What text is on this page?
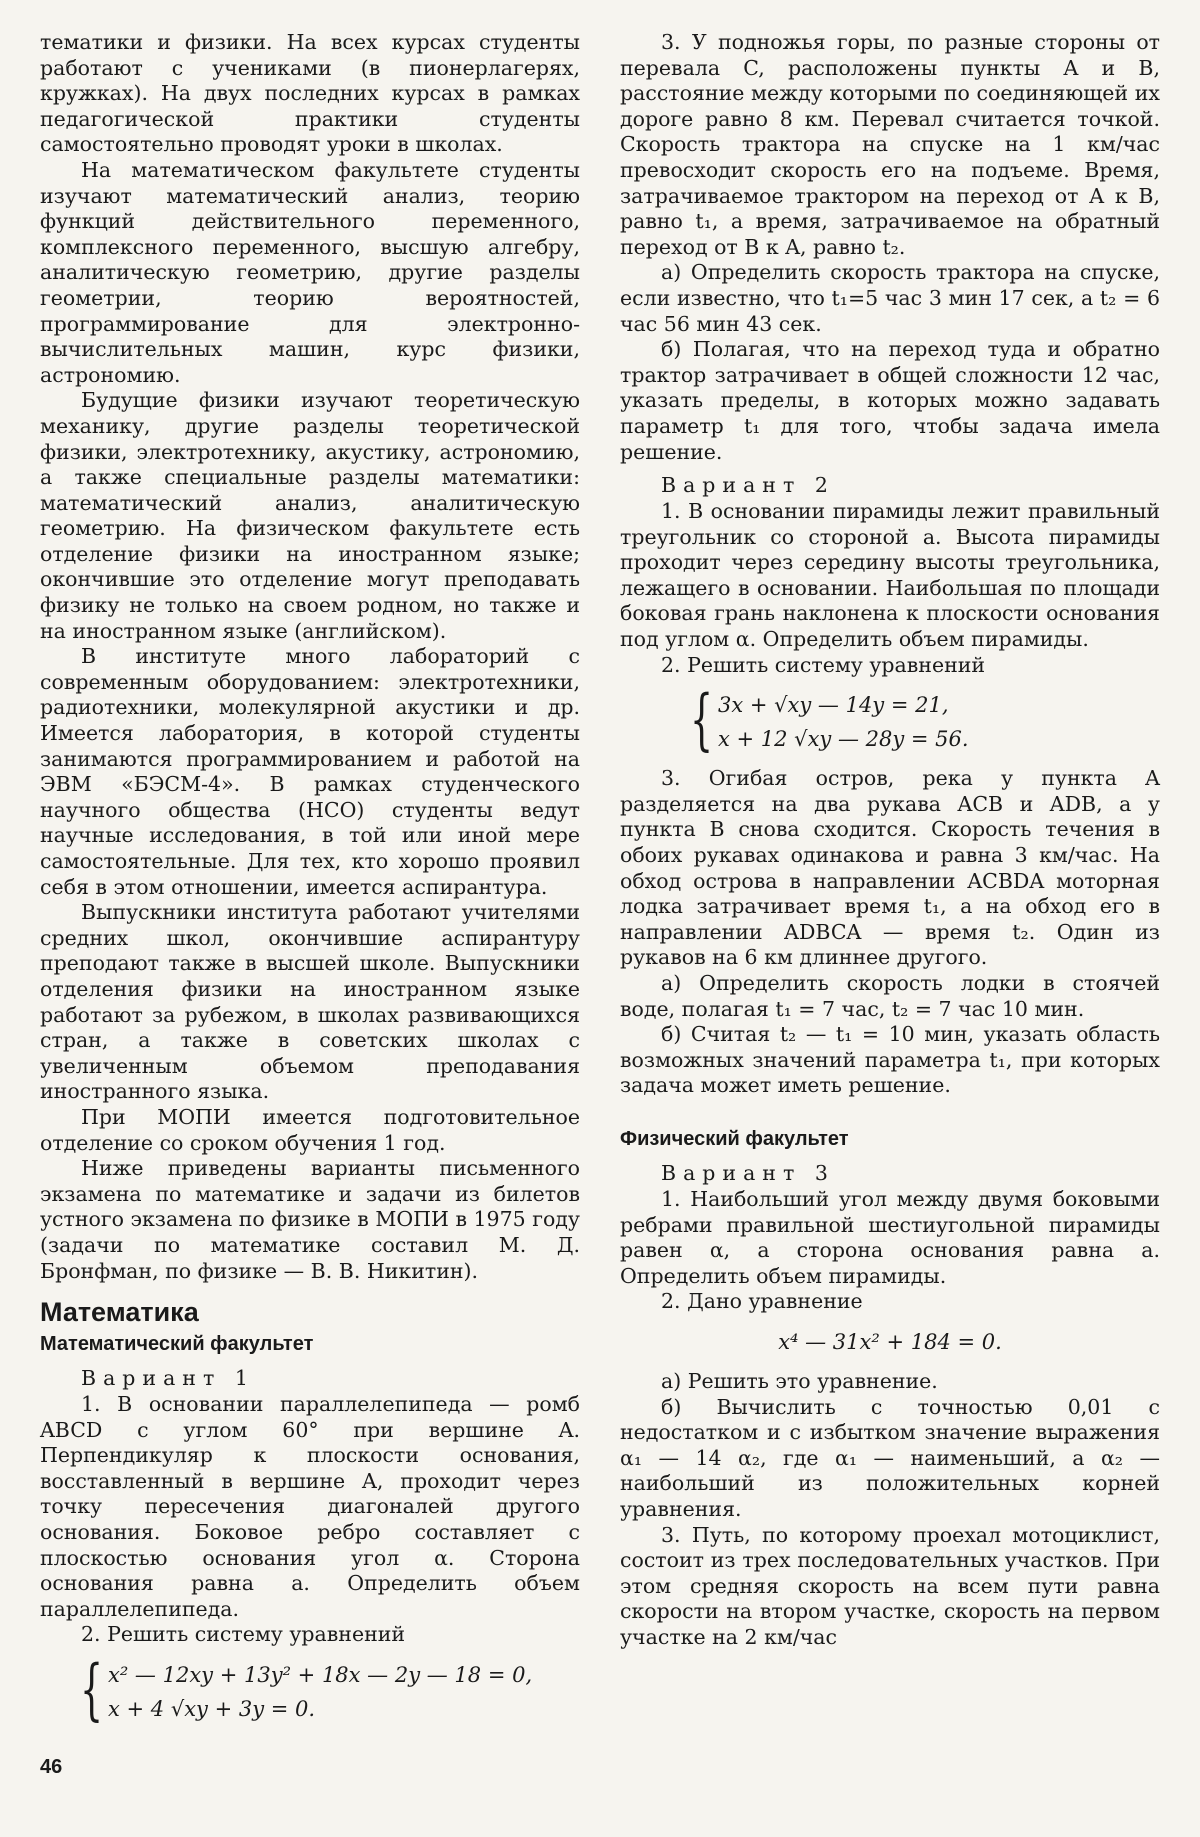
тематики и физики. На всех курсах студенты работают с учениками (в пионерлагерях, кружках). На двух последних курсах в рамках педагогической практики студенты самостоятельно проводят уроки в школах.

На математическом факультете студенты изучают математический анализ, теорию функций действительного переменного, комплексного переменного, высшую алгебру, аналитическую геометрию, другие разделы геометрии, теорию вероятностей, программирование для электронно-вычислительных машин, курс физики, астрономию.

Будущие физики изучают теоретическую механику, другие разделы теоретической физики, электротехнику, акустику, астрономию, а также специальные разделы математики: математический анализ, аналитическую геометрию. На физическом факультете есть отделение физики на иностранном языке; окончившие это отделение могут преподавать физику не только на своем родном, но также и на иностранном языке (английском).

В институте много лабораторий с современным оборудованием: электротехники, радиотехники, молекулярной акустики и др. Имеется лаборатория, в которой студенты занимаются программированием и работой на ЭВМ «БЭСМ-4». В рамках студенческого научного общества (НСО) студенты ведут научные исследования, в той или иной мере самостоятельные. Для тех, кто хорошо проявил себя в этом отношении, имеется аспирантура.

Выпускники института работают учителями средних школ, окончившие аспирантуру преподают также в высшей школе. Выпускники отделения физики на иностранном языке работают за рубежом, в школах развивающихся стран, а также в советских школах с увеличенным объемом преподавания иностранного языка.

При МОПИ имеется подготовительное отделение со сроком обучения 1 год.

Ниже приведены варианты письменного экзамена по математике и задачи из билетов устного экзамена по физике в МОПИ в 1975 году (задачи по математике составил М. Д. Бронфман, по физике — В. В. Никитин).

Математика
Математический факультет
Вариант 1

1. В основании параллелепипеда — ромб ABCD с углом 60° при вершине A. Перпендикуляр к плоскости основания, восставленный в вершине A, проходит через точку пересечения диагоналей другого основания. Боковое ребро составляет с плоскостью основания угол α. Сторона основания равна a. Определить объем параллелепипеда.

2. Решить систему уравнений

{ x² — 12xy + 13y² + 18x — 2y — 18 = 0,
x + 4 √xy + 3y = 0.

3. У подножья горы, по разные стороны от перевала C, расположены пункты A и B, расстояние между которыми по соединяющей их дороге равно 8 км. Перевал считается точкой. Скорость трактора на спуске на 1 км/час превосходит скорость его на подъеме. Время, затрачиваемое трактором на переход от A к B, равно t₁, а время, затрачиваемое на обратный переход от B к A, равно t₂.

а) Определить скорость трактора на спуске, если известно, что t₁=5 час 3 мин 17 сек, а t₂ = 6 час 56 мин 43 сек.

б) Полагая, что на переход туда и обратно трактор затрачивает в общей сложности 12 час, указать пределы, в которых можно задавать параметр t₁ для того, чтобы задача имела решение.

Вариант 2

1. В основании пирамиды лежит правильный треугольник со стороной a. Высота пирамиды проходит через середину высоты треугольника, лежащего в основании. Наибольшая по площади боковая грань наклонена к плоскости основания под углом α. Определить объем пирамиды.

2. Решить систему уравнений

{ 3x + √xy — 14y = 21,
x + 12 √xy — 28y = 56.

3. Огибая остров, река у пункта A разделяется на два рукава ACB и ADB, а у пункта B снова сходится. Скорость течения в обоих рукавах одинакова и равна 3 км/час. На обход острова в направлении ACBDA моторная лодка затрачивает время t₁, а на обход его в направлении ADBCA — время t₂. Один из рукавов на 6 км длиннее другого.

а) Определить скорость лодки в стоячей воде, полагая t₁ = 7 час, t₂ = 7 час 10 мин.

б) Считая t₂ — t₁ = 10 мин, указать область возможных значений параметра t₁, при которых задача может иметь решение.

Физический факультет
Вариант 3

1. Наибольший угол между двумя боковыми ребрами правильной шестиугольной пирамиды равен α, а сторона основания равна a. Определить объем пирамиды.

2. Дано уравнение

x⁴ — 31x² + 184 = 0.

а) Решить это уравнение.

б) Вычислить с точностью 0,01 с недостатком и с избытком значение выражения α₁ — 14 α₂, где α₁ — наименьший, а α₂ — наибольший из положительных корней уравнения.

3. Путь, по которому проехал мотоциклист, состоит из трех последовательных участков. При этом средняя скорость на всем пути равна скорости на втором участке, скорость на первом участке на 2 км/час

46
